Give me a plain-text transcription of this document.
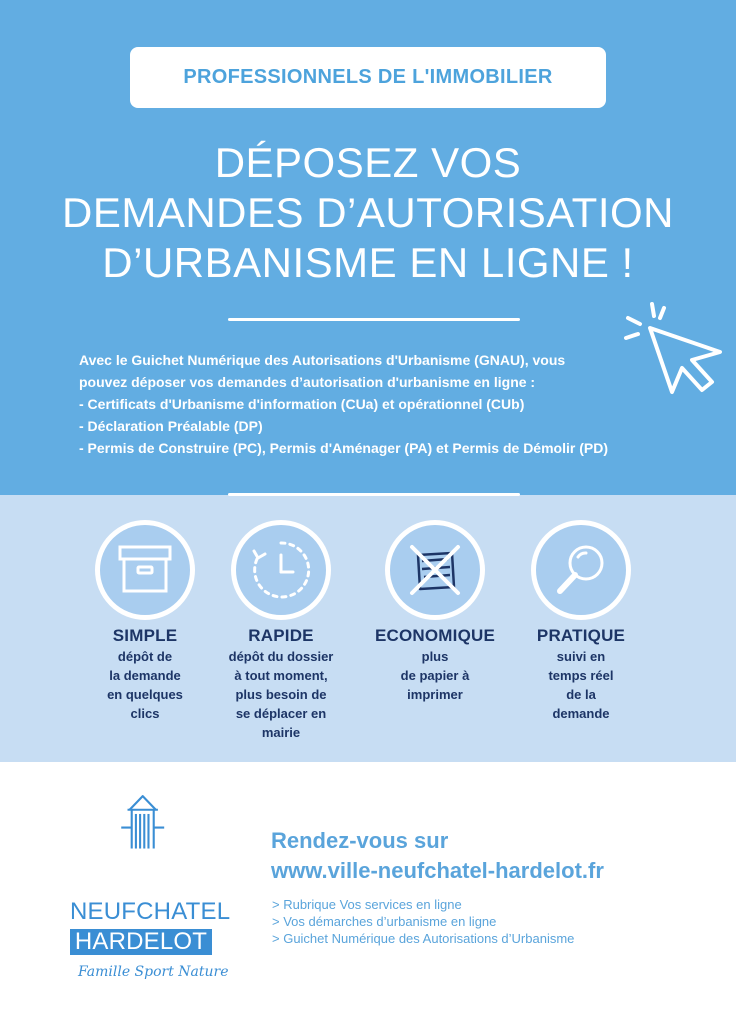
PROFESSIONNELS DE L'IMMOBILIER
DÉPOSEZ VOS
DEMANDES D’AUTORISATION
D’URBANISME EN LIGNE !
Avec le Guichet Numérique des Autorisations d'Urbanisme (GNAU), vous
pouvez déposer vos demandes d’autorisation d'urbanisme en ligne :
- Certificats d'Urbanisme d'information (CUa) et opérationnel (CUb)
- Déclaration Préalable (DP)
- Permis de Construire (PC), Permis d'Aménager (PA) et Permis de Démolir (PD)
SIMPLE
dépôt de
la demande
en quelques
clics
RAPIDE
dépôt du dossier
à tout moment,
plus besoin de
se déplacer en
mairie
ECONOMIQUE
plus
de papier à
imprimer
PRATIQUE
suivi en
temps réel
de la
demande
NEUFCHATEL
HARDELOT
Famille Sport Nature
Rendez-vous sur
www.ville-neufchatel-hardelot.fr
> Rubrique Vos services en ligne
> Vos démarches d’urbanisme en ligne
> Guichet Numérique des Autorisations d’Urbanisme
